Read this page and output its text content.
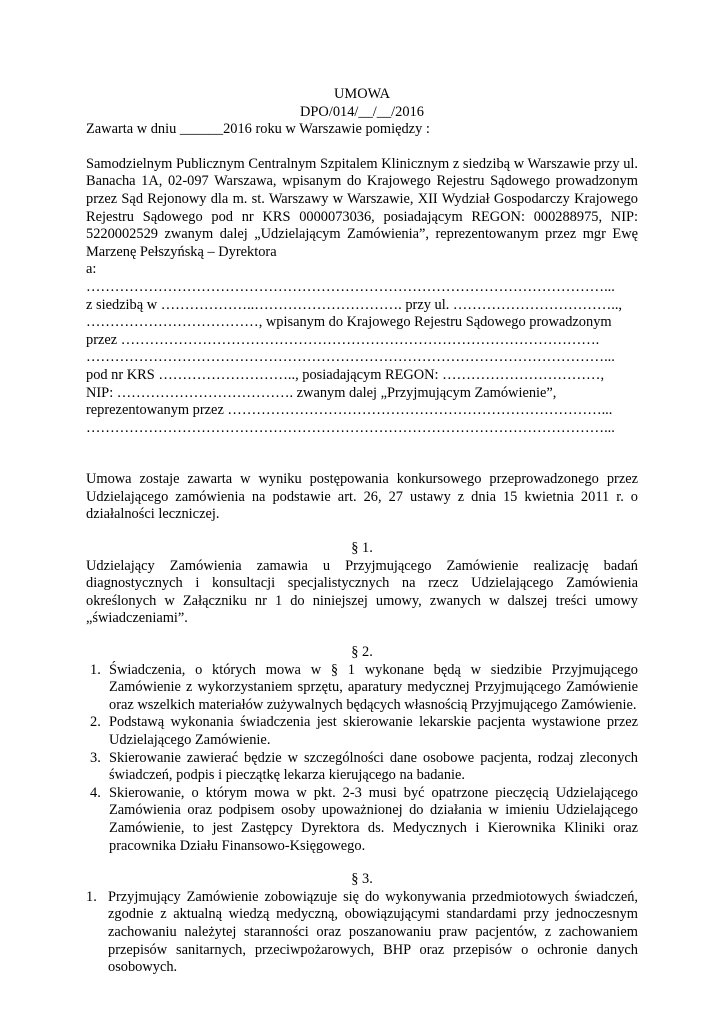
UMOWA

DPO/014/__/__/2016

Zawarta w dniu ______2016 roku w Warszawie pomiędzy :

Samodzielnym Publicznym Centralnym Szpitalem Klinicznym z siedzibą w Warszawie przy ul. Banacha 1A, 02-097 Warszawa, wpisanym do Krajowego Rejestru Sądowego prowadzonym przez Sąd Rejonowy dla m. st. Warszawy w Warszawie, XII Wydział Gospodarczy Krajowego Rejestru Sądowego pod nr KRS 0000073036, posiadającym REGON: 000288975, NIP: 5220002529 zwanym dalej „Udzielającym Zamówienia”, reprezentowanym przez mgr Ewę Marzenę Pełszyńską – Dyrektora

a:

………………………………………………………………………………………………...

z siedzibą w ………………..…………………………. przy ul. ……………………………..,

………………………………, wpisanym do Krajowego Rejestru Sądowego prowadzonym

przez ……………………………………………………………………………………….

………………………………………………………………………………………………...

pod nr KRS ……………………….., posiadającym REGON: ……………………………,

NIP: ………………………………. zwanym dalej „Przyjmującym Zamówienie”,

reprezentowanym przez ……………………………………………………………………...

………………………………………………………………………………………………...

Umowa zostaje zawarta w wyniku postępowania konkursowego przeprowadzonego przez Udzielającego zamówienia na podstawie art. 26, 27 ustawy z dnia 15 kwietnia 2011 r. o działalności leczniczej.

§ 1.

Udzielający Zamówienia zamawia u Przyjmującego Zamówienie realizację badań diagnostycznych i konsultacji specjalistycznych na rzecz Udzielającego Zamówienia określonych w Załączniku nr 1 do niniejszej umowy, zwanych w dalszej treści umowy „świadczeniami”.

§ 2.

1. Świadczenia, o których mowa w § 1 wykonane będą w siedzibie Przyjmującego Zamówienie z wykorzystaniem sprzętu, aparatury medycznej Przyjmującego Zamówienie oraz wszelkich materiałów zużywalnych będących własnością Przyjmującego Zamówienie.
2. Podstawą wykonania świadczenia jest skierowanie lekarskie pacjenta wystawione przez Udzielającego Zamówienie.
3. Skierowanie zawierać będzie w szczególności dane osobowe pacjenta, rodzaj zleconych świadczeń, podpis i pieczątkę lekarza kierującego na badanie.
4. Skierowanie, o którym mowa w pkt. 2-3 musi być opatrzone pieczęcią Udzielającego Zamówienia oraz podpisem osoby upoważnionej do działania w imieniu Udzielającego Zamówienie, to jest Zastępcy Dyrektora ds. Medycznych i Kierownika Kliniki oraz pracownika Działu Finansowo-Księgowego.

§ 3.

1. Przyjmujący Zamówienie zobowiązuje się do wykonywania przedmiotowych świadczeń, zgodnie z aktualną wiedzą medyczną, obowiązującymi standardami przy jednoczesnym zachowaniu należytej staranności oraz poszanowaniu praw pacjentów, z zachowaniem przepisów sanitarnych, przeciwpożarowych, BHP oraz przepisów o ochronie danych osobowych.
